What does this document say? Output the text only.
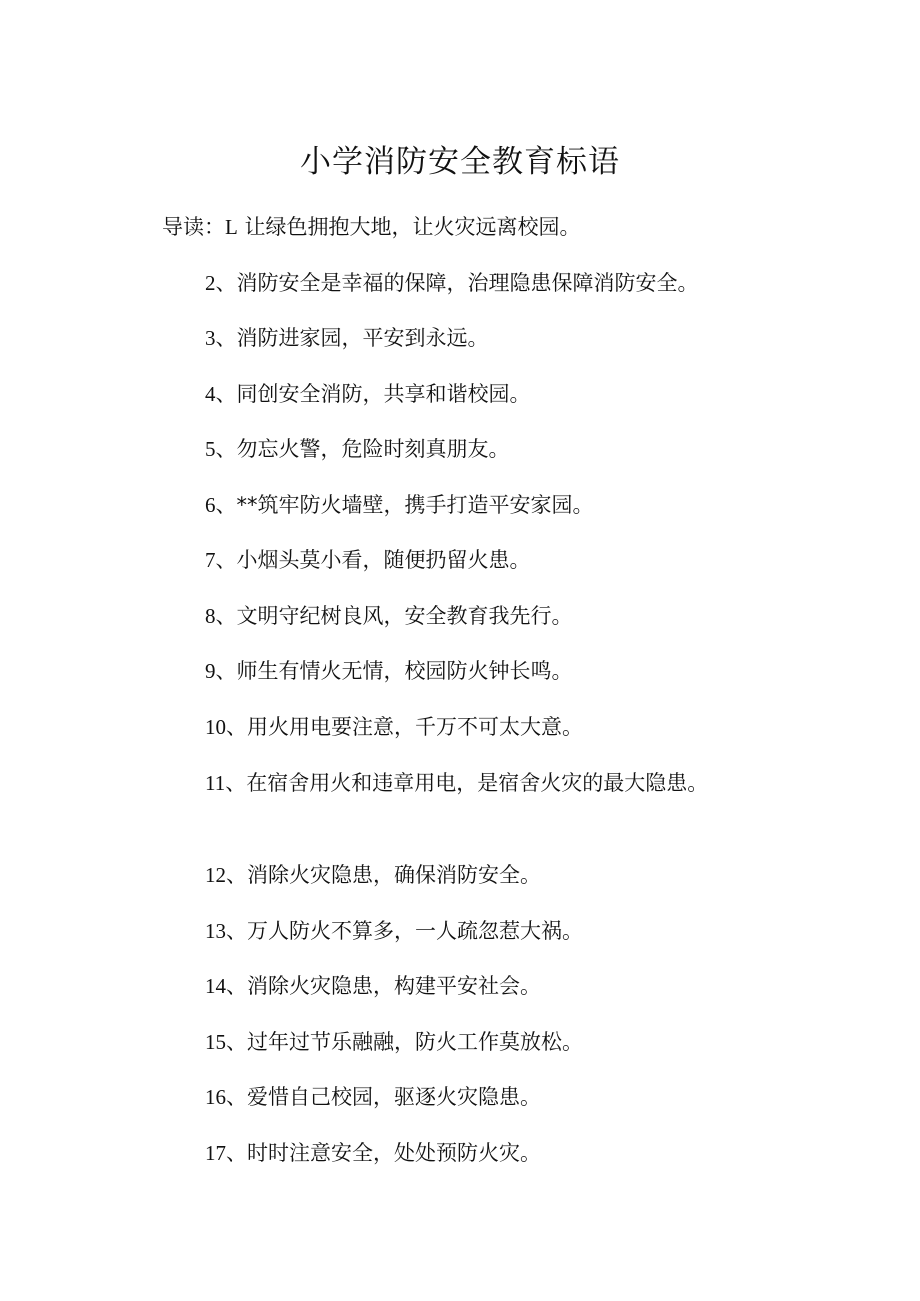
小学消防安全教育标语
导读：L 让绿色拥抱大地，让火灾远离校园。
2、消防安全是幸福的保障，治理隐患保障消防安全。
3、消防进家园，平安到永远。
4、同创安全消防，共享和谐校园。
5、勿忘火警，危险时刻真朋友。
6、**筑牢防火墙壁，携手打造平安家园。
7、小烟头莫小看，随便扔留火患。
8、文明守纪树良风，安全教育我先行。
9、师生有情火无情，校园防火钟长鸣。
10、用火用电要注意，千万不可太大意。
11、在宿舍用火和违章用电，是宿舍火灾的最大隐患。
12、消除火灾隐患，确保消防安全。
13、万人防火不算多，一人疏忽惹大祸。
14、消除火灾隐患，构建平安社会。
15、过年过节乐融融，防火工作莫放松。
16、爱惜自己校园，驱逐火灾隐患。
17、时时注意安全，处处预防火灾。
